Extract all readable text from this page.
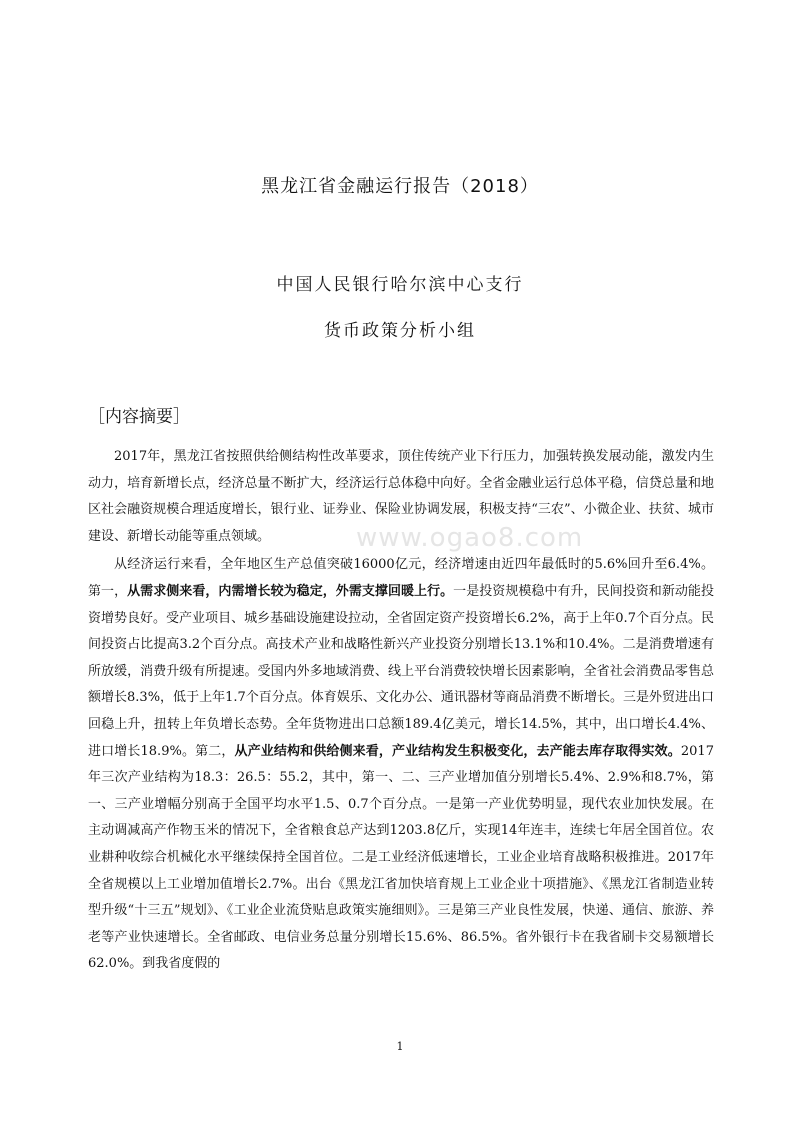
黑龙江省金融运行报告（2018）
中国人民银行哈尔滨中心支行
货币政策分析小组
［内容摘要］
www.ogao8.com

2017年，黑龙江省按照供给侧结构性改革要求，顶住传统产业下行压力，加强转换发展动能，激发内生动力，培育新增长点，经济总量不断扩大，经济运行总体稳中向好。全省金融业运行总体平稳，信贷总量和地区社会融资规模合理适度增长，银行业、证券业、保险业协调发展，积极支持“三农”、小微企业、扶贫、城市建设、新增长动能等重点领域。

从经济运行来看，全年地区生产总值突破16000亿元，经济增速由近四年最低时的5.6%回升至6.4%。第一，从需求侧来看，内需增长较为稳定，外需支撑回暖上行。一是投资规模稳中有升，民间投资和新动能投资增势良好。受产业项目、城乡基础设施建设拉动，全省固定资产投资增长6.2%，高于上年0.7个百分点。民间投资占比提高3.2个百分点。高技术产业和战略性新兴产业投资分别增长13.1%和10.4%。二是消费增速有所放缓，消费升级有所提速。受国内外多地域消费、线上平台消费较快增长因素影响，全省社会消费品零售总额增长8.3%，低于上年1.7个百分点。体育娱乐、文化办公、通讯器材等商品消费不断增长。三是外贸进出口回稳上升，扭转上年负增长态势。全年货物进出口总额189.4亿美元，增长14.5%，其中，出口增长4.4%、进口增长18.9%。第二，从产业结构和供给侧来看，产业结构发生积极变化，去产能去库存取得实效。2017年三次产业结构为18.3：26.5：55.2，其中，第一、二、三产业增加值分别增长5.4%、2.9%和8.7%，第一、三产业增幅分别高于全国平均水平1.5、0.7个百分点。一是第一产业优势明显，现代农业加快发展。在主动调减高产作物玉米的情况下，全省粮食总产达到1203.8亿斤，实现14年连丰，连续七年居全国首位。农业耕种收综合机械化水平继续保持全国首位。二是工业经济低速增长，工业企业培育战略积极推进。2017年全省规模以上工业增加值增长2.7%。出台《黑龙江省加快培育规上工业企业十项措施》、《黑龙江省制造业转型升级“十三五”规划》、《工业企业流贷贴息政策实施细则》。三是第三产业良性发展，快递、通信、旅游、养老等产业快速增长。全省邮政、电信业务总量分别增长15.6%、86.5%。省外银行卡在我省刷卡交易额增长62.0%。到我省度假的

1
